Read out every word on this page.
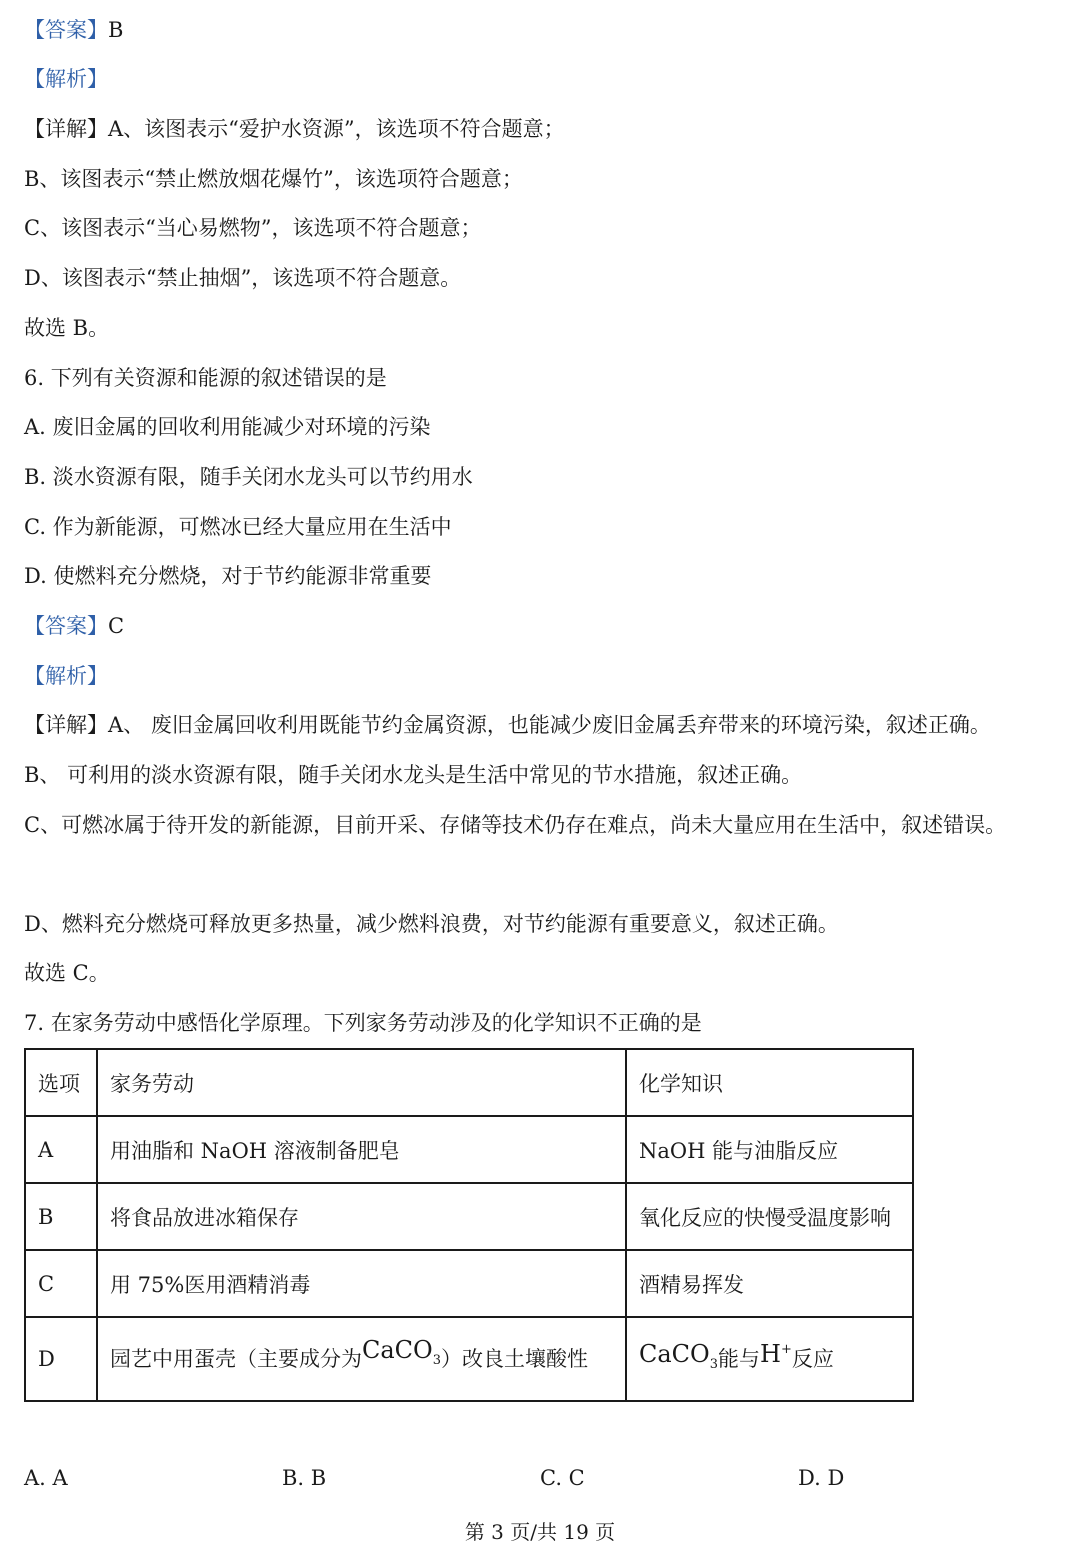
【答案】B
【解析】
【详解】A、该图表示“爱护水资源”，该选项不符合题意；
B、该图表示“禁止燃放烟花爆竹”，该选项符合题意；
C、该图表示“当心易燃物”，该选项不符合题意；
D、该图表示“禁止抽烟”，该选项不符合题意。
故选 B。
6. 下列有关资源和能源的叙述错误的是
A. 废旧金属的回收利用能减少对环境的污染
B. 淡水资源有限，随手关闭水龙头可以节约用水
C. 作为新能源，可燃冰已经大量应用在生活中
D. 使燃料充分燃烧，对于节约能源非常重要
【答案】C
【解析】
【详解】A、 废旧金属回收利用既能节约金属资源，也能减少废旧金属丢弃带来的环境污染，叙述正确。
B、 可利用的淡水资源有限，随手关闭水龙头是生活中常见的节水措施，叙述正确。
C、可燃冰属于待开发的新能源，目前开采、存储等技术仍存在难点，尚未大量应用在生活中，叙述错误。
D、燃料充分燃烧可释放更多热量，减少燃料浪费，对节约能源有重要意义，叙述正确。
故选 C。
7. 在家务劳动中感悟化学原理。下列家务劳动涉及的化学知识不正确的是
选项	家务劳动	化学知识
A	用油脂和 NaOH 溶液制备肥皂	NaOH 能与油脂反应
B	将食品放进冰箱保存	氧化反应的快慢受温度影响
C	用 75%医用酒精消毒	酒精易挥发
D	园艺中用蛋壳（主要成分为CaCO$_3$）改良土壤酸性	CaCO$_3$能与H+反应
A. A	B. B	C. C	D. D
第 3 页/共 19 页
